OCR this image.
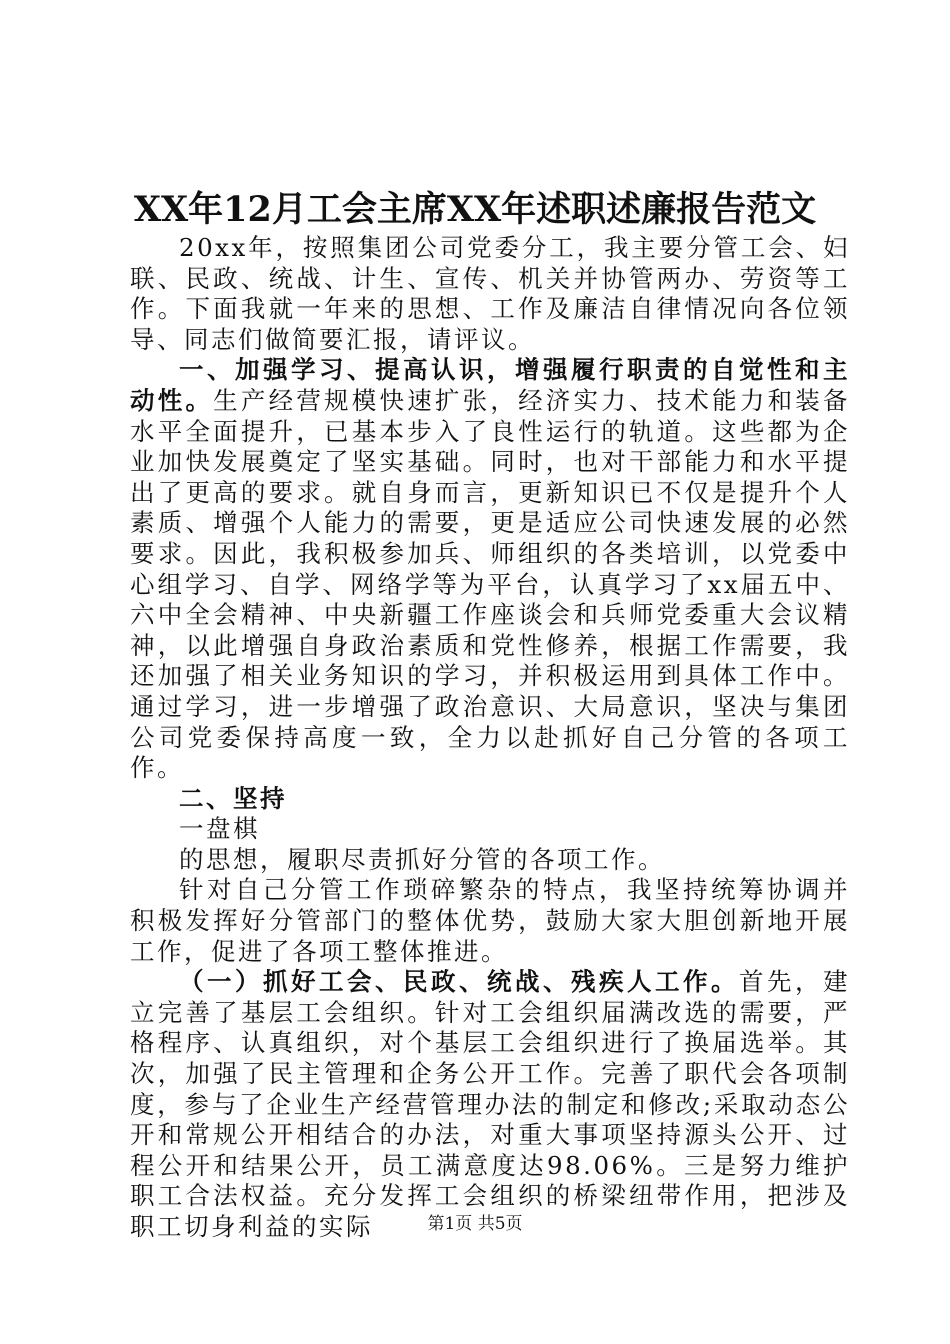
XX年12月工会主席XX年述职述廉报告范文

20xx年，按照集团公司党委分工，我主要分管工会、妇联、民政、统战、计生、宣传、机关并协管两办、劳资等工作。下面我就一年来的思想、工作及廉洁自律情况向各位领导、同志们做简要汇报，请评议。

一、加强学习、提高认识，增强履行职责的自觉性和主动性。生产经营规模快速扩张，经济实力、技术能力和装备水平全面提升，已基本步入了良性运行的轨道。这些都为企业加快发展奠定了坚实基础。同时，也对干部能力和水平提出了更高的要求。就自身而言，更新知识已不仅是提升个人素质、增强个人能力的需要，更是适应公司快速发展的必然要求。因此，我积极参加兵、师组织的各类培训，以党委中心组学习、自学、网络学等为平台，认真学习了xx届五中、六中全会精神、中央新疆工作座谈会和兵师党委重大会议精神，以此增强自身政治素质和党性修养，根据工作需要，我还加强了相关业务知识的学习，并积极运用到具体工作中。通过学习，进一步增强了政治意识、大局意识，坚决与集团公司党委保持高度一致，全力以赴抓好自己分管的各项工作。

二、坚持

一盘棋

的思想，履职尽责抓好分管的各项工作。

针对自己分管工作琐碎繁杂的特点，我坚持统筹协调并积极发挥好分管部门的整体优势，鼓励大家大胆创新地开展工作，促进了各项工整体推进。

（一）抓好工会、民政、统战、残疾人工作。首先，建立完善了基层工会组织。针对工会组织届满改选的需要，严格程序、认真组织，对个基层工会组织进行了换届选举。其次，加强了民主管理和企务公开工作。完善了职代会各项制度，参与了企业生产经营管理办法的制定和修改;采取动态公开和常规公开相结合的办法，对重大事项坚持源头公开、过程公开和结果公开，员工满意度达98.06%。三是努力维护职工合法权益。充分发挥工会组织的桥梁纽带作用，把涉及职工切身利益的实际	第1页 共5页
